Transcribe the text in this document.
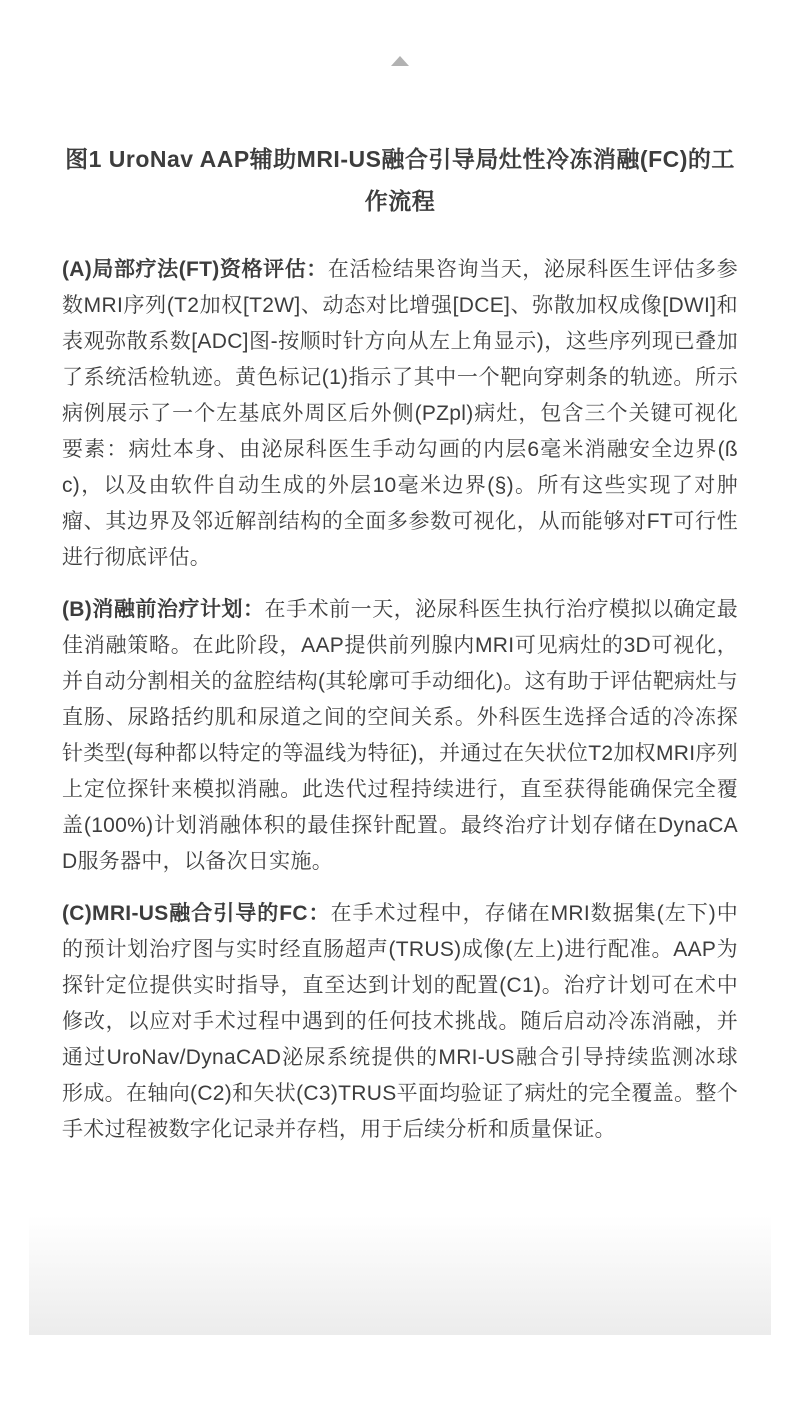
图1 UroNav AAP辅助MRI-US融合引导局灶性冷冻消融(FC)的工作流程

(A)局部疗法(FT)资格评估：在活检结果咨询当天，泌尿科医生评估多参数MRI序列(T2加权[T2W]、动态对比增强[DCE]、弥散加权成像[DWI]和表观弥散系数[ADC]图-按顺时针方向从左上角显示)，这些序列现已叠加了系统活检轨迹。黄色标记(1)指示了其中一个靶向穿刺条的轨迹。所示病例展示了一个左基底外周区后外侧(PZpl)病灶，包含三个关键可视化要素：病灶本身、由泌尿科医生手动勾画的内层6毫米消融安全边界(ßc)，以及由软件自动生成的外层10毫米边界(§)。所有这些实现了对肿瘤、其边界及邻近解剖结构的全面多参数可视化，从而能够对FT可行性进行彻底评估。

(B)消融前治疗计划：在手术前一天，泌尿科医生执行治疗模拟以确定最佳消融策略。在此阶段，AAP提供前列腺内MRI可见病灶的3D可视化，并自动分割相关的盆腔结构(其轮廓可手动细化)。这有助于评估靶病灶与直肠、尿路括约肌和尿道之间的空间关系。外科医生选择合适的冷冻探针类型(每种都以特定的等温线为特征)，并通过在矢状位T2加权MRI序列上定位探针来模拟消融。此迭代过程持续进行，直至获得能确保完全覆盖(100%)计划消融体积的最佳探针配置。最终治疗计划存储在DynaCAD服务器中，以备次日实施。

(C)MRI-US融合引导的FC：在手术过程中，存储在MRI数据集(左下)中的预计划治疗图与实时经直肠超声(TRUS)成像(左上)进行配准。AAP为探针定位提供实时指导，直至达到计划的配置(C1)。治疗计划可在术中修改，以应对手术过程中遇到的任何技术挑战。随后启动冷冻消融，并通过UroNav/DynaCAD泌尿系统提供的MRI-US融合引导持续监测冰球形成。在轴向(C2)和矢状(C3)TRUS平面均验证了病灶的完全覆盖。整个手术过程被数字化记录并存档，用于后续分析和质量保证。
